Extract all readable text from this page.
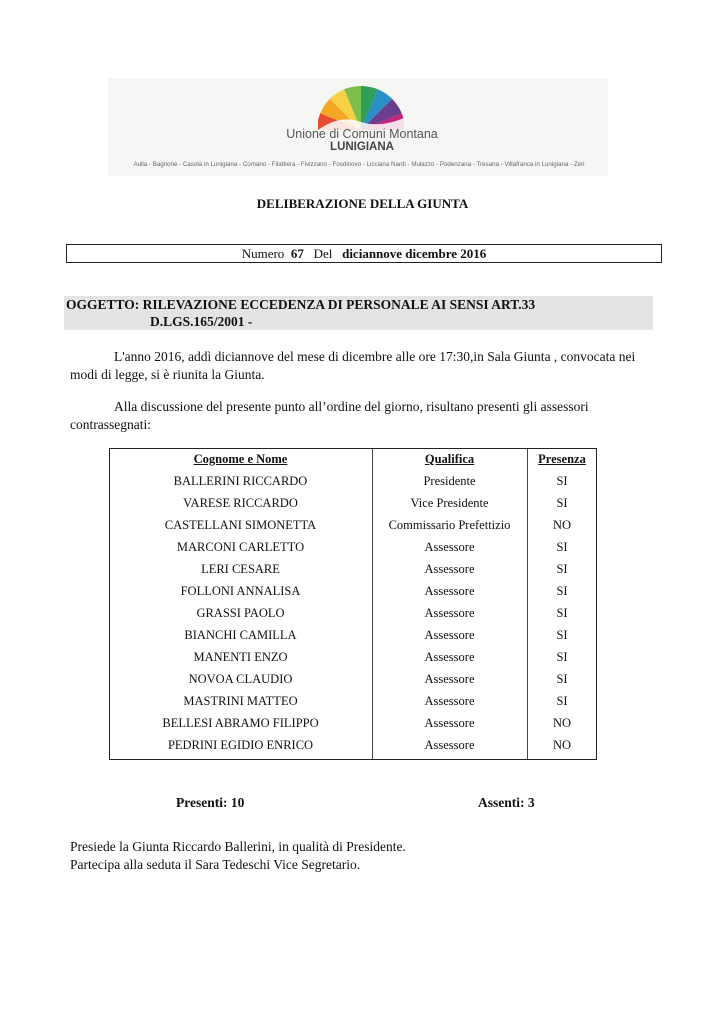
Unione di Comuni Montana
LUNIGIANA
Aulla - Bagnone - Casola in Lunigiana - Comano - Filattiera - Fivizzano - Fosdinovo - Licciana Nardi - Mulazzo - Podenzana - Tresana - Villafranca in Lunigiana - Zeri
DELIBERAZIONE DELLA GIUNTA
Numero 67 Del diciannove dicembre 2016
OGGETTO: RILEVAZIONE ECCEDENZA DI PERSONALE AI SENSI ART.33
D.LGS.165/2001 -
L'anno 2016, addì diciannove del mese di dicembre alle ore 17:30,in Sala Giunta , convocata nei modi di legge, si è riunita la Giunta.
Alla discussione del presente punto all’ordine del giorno, risultano presenti gli assessori contrassegnati:
Cognome e Nome	Qualifica	Presenza
BALLERINI RICCARDO	Presidente	SI
VARESE RICCARDO	Vice Presidente	SI
CASTELLANI SIMONETTA	Commissario Prefettizio	NO
MARCONI CARLETTO	Assessore	SI
LERI CESARE	Assessore	SI
FOLLONI ANNALISA	Assessore	SI
GRASSI PAOLO	Assessore	SI
BIANCHI CAMILLA	Assessore	SI
MANENTI ENZO	Assessore	SI
NOVOA CLAUDIO	Assessore	SI
MASTRINI MATTEO	Assessore	SI
BELLESI ABRAMO FILIPPO	Assessore	NO
PEDRINI EGIDIO ENRICO	Assessore	NO
Presenti: 10	Assenti: 3
Presiede la Giunta Riccardo Ballerini, in qualità di Presidente.
Partecipa alla seduta il Sara Tedeschi Vice Segretario.
